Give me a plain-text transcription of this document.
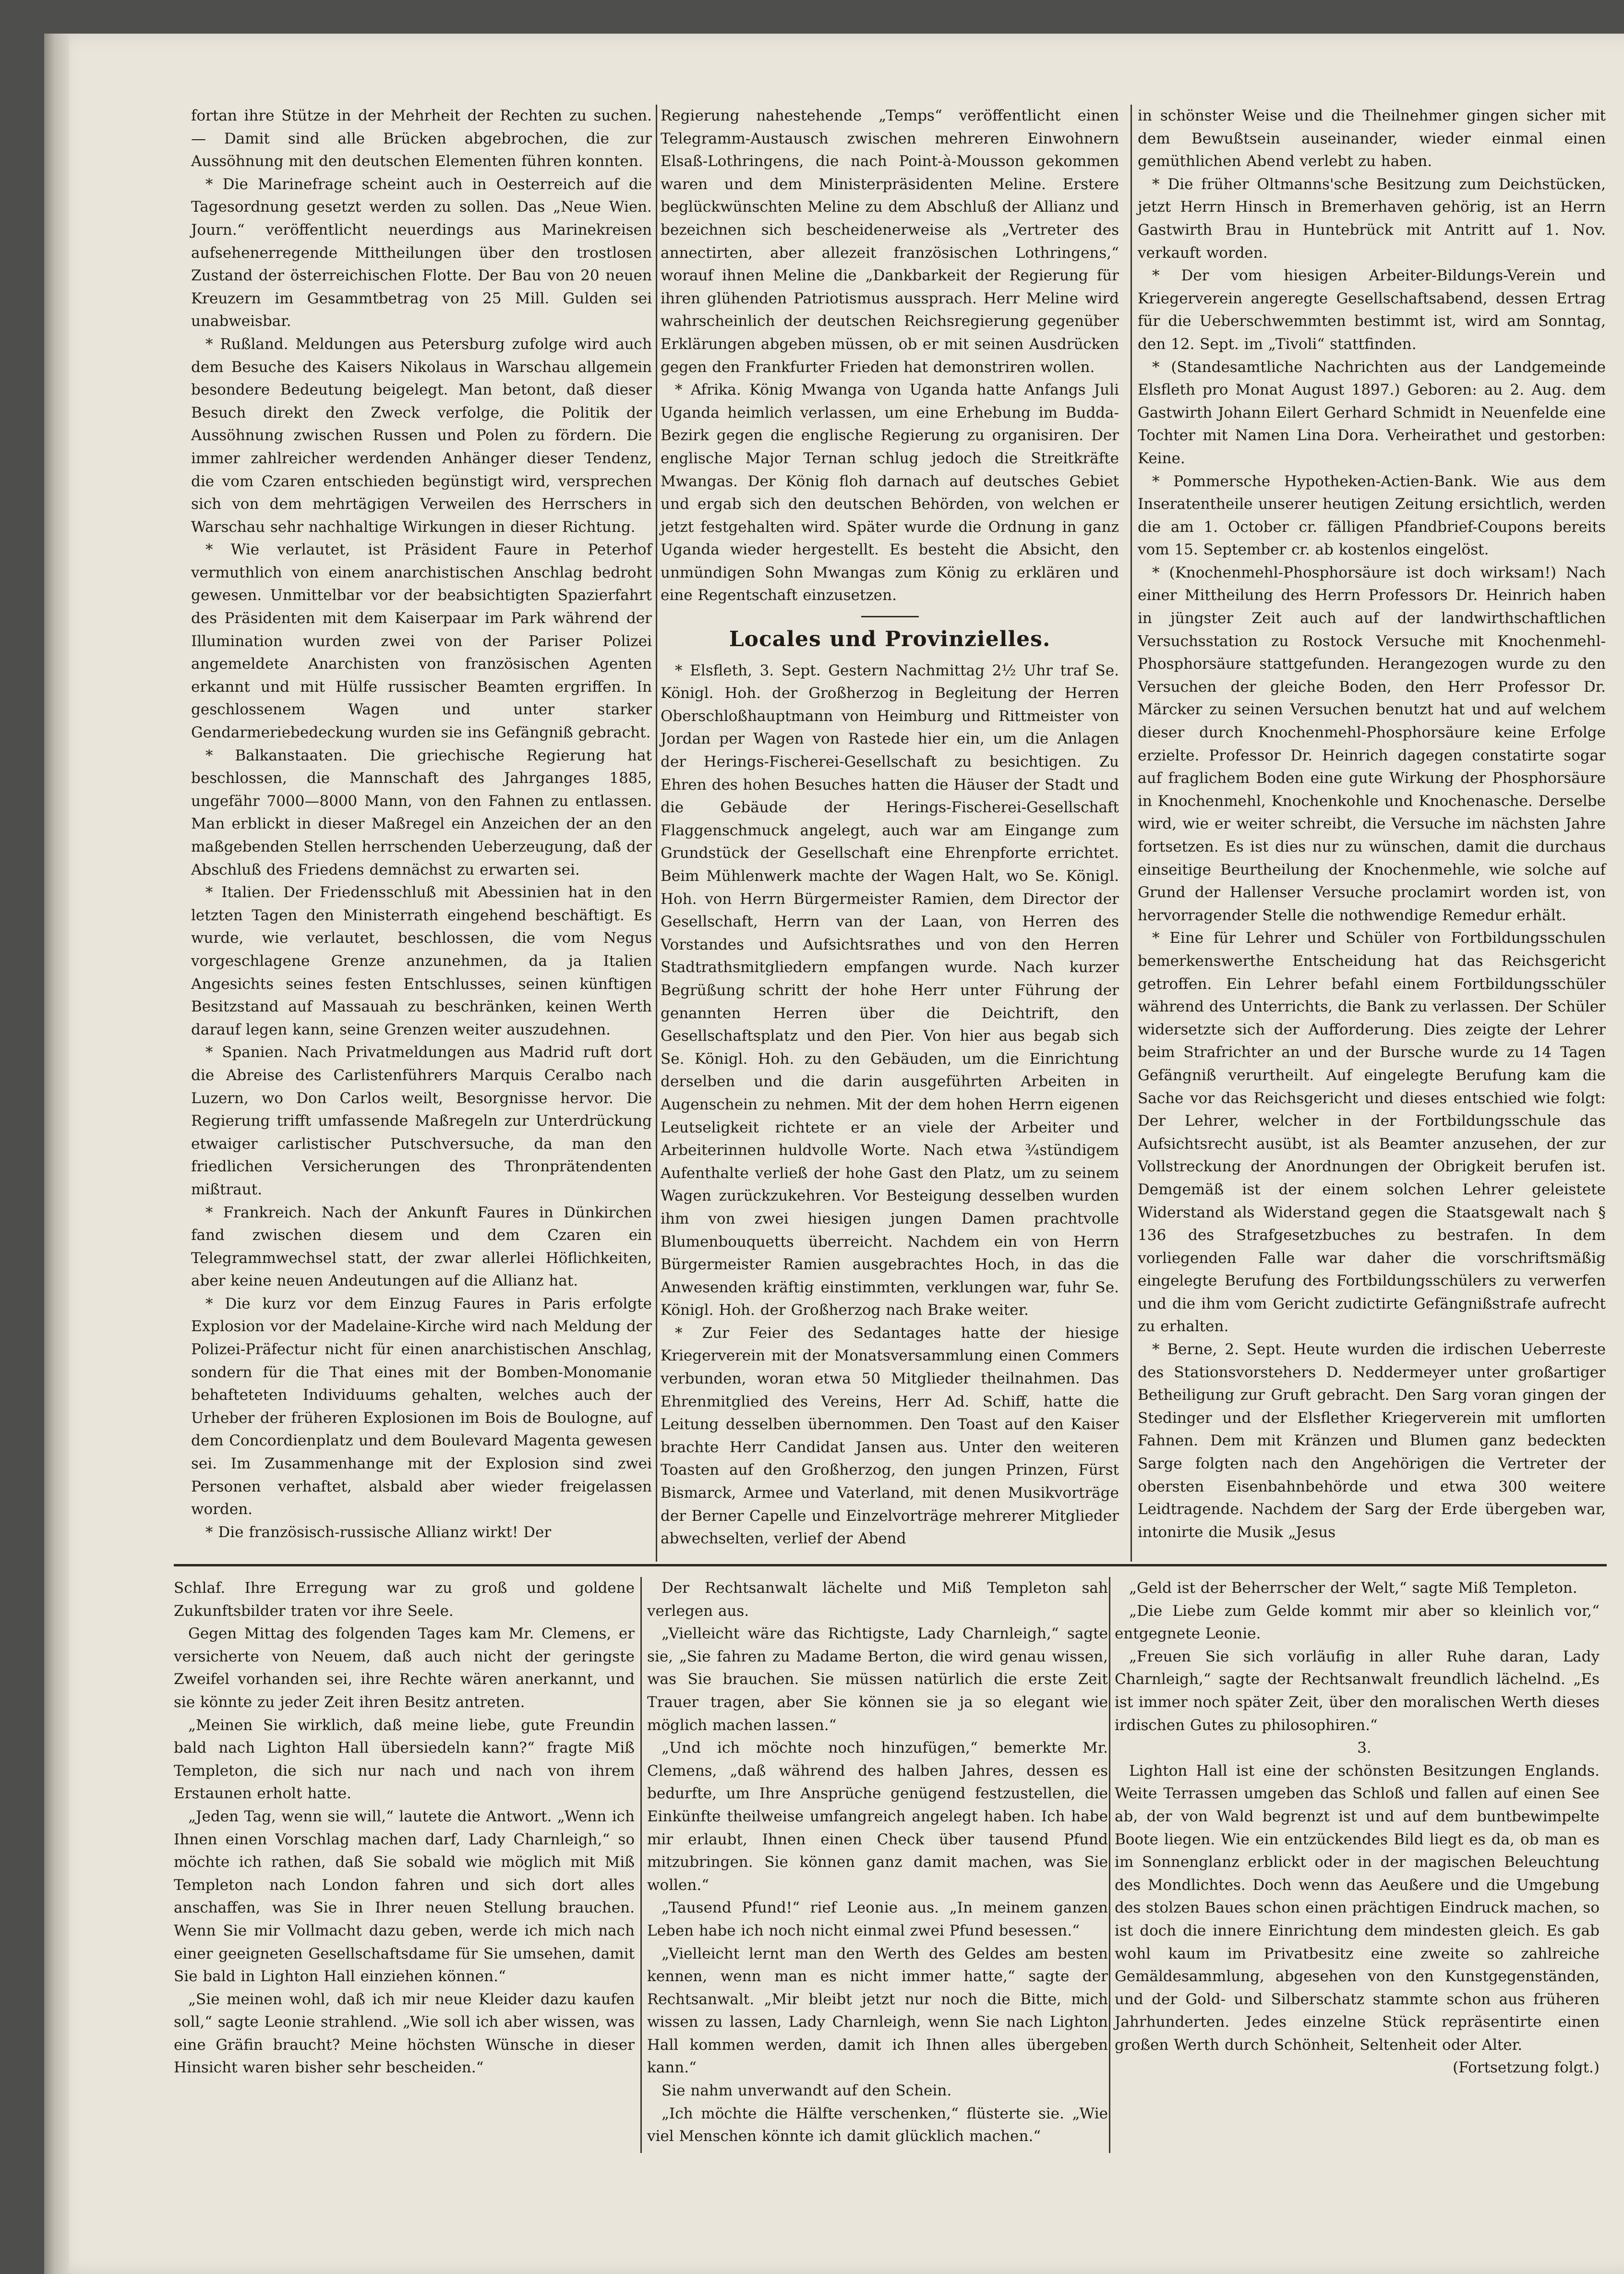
fortan ihre Stütze in der Mehrheit der Rechten zu suchen. — Damit sind alle Brücken abgebrochen, die zur Aussöhnung mit den deutschen Elementen führen konnten.

* Die Marinefrage scheint auch in Oesterreich auf die Tagesordnung gesetzt werden zu sollen. Das „Neue Wien. Journ.“ veröffentlicht neuerdings aus Marinekreisen aufsehenerregende Mittheilungen über den trostlosen Zustand der österreichischen Flotte. Der Bau von 20 neuen Kreuzern im Gesammtbetrag von 25 Mill. Gulden sei unabweisbar.

* Rußland. Meldungen aus Petersburg zufolge wird auch dem Besuche des Kaisers Nikolaus in Warschau allgemein besondere Bedeutung beigelegt. Man betont, daß dieser Besuch direkt den Zweck verfolge, die Politik der Aussöhnung zwischen Russen und Polen zu fördern. Die immer zahlreicher werdenden Anhänger dieser Tendenz, die vom Czaren entschieden begünstigt wird, versprechen sich von dem mehrtägigen Verweilen des Herrschers in Warschau sehr nachhaltige Wirkungen in dieser Richtung.

* Wie verlautet, ist Präsident Faure in Peterhof vermuthlich von einem anarchistischen Anschlag bedroht gewesen. Unmittelbar vor der beabsichtigten Spazierfahrt des Präsidenten mit dem Kaiserpaar im Park während der Illumination wurden zwei von der Pariser Polizei angemeldete Anarchisten von französischen Agenten erkannt und mit Hülfe russischer Beamten ergriffen. In geschlossenem Wagen und unter starker Gendarmeriebedeckung wurden sie ins Gefängniß gebracht.

* Balkanstaaten. Die griechische Regierung hat beschlossen, die Mannschaft des Jahrganges 1885, ungefähr 7000—8000 Mann, von den Fahnen zu entlassen. Man erblickt in dieser Maßregel ein Anzeichen der an den maßgebenden Stellen herrschenden Ueberzeugung, daß der Abschluß des Friedens demnächst zu erwarten sei.

* Italien. Der Friedensschluß mit Abessinien hat in den letzten Tagen den Ministerrath eingehend beschäftigt. Es wurde, wie verlautet, beschlossen, die vom Negus vorgeschlagene Grenze anzunehmen, da ja Italien Angesichts seines festen Entschlusses, seinen künftigen Besitzstand auf Massauah zu beschränken, keinen Werth darauf legen kann, seine Grenzen weiter auszudehnen.

* Spanien. Nach Privatmeldungen aus Madrid ruft dort die Abreise des Carlistenführers Marquis Ceralbo nach Luzern, wo Don Carlos weilt, Besorgnisse hervor. Die Regierung trifft umfassende Maßregeln zur Unterdrückung etwaiger carlistischer Putschversuche, da man den friedlichen Versicherungen des Thronprätendenten mißtraut.

* Frankreich. Nach der Ankunft Faures in Dünkirchen fand zwischen diesem und dem Czaren ein Telegrammwechsel statt, der zwar allerlei Höflichkeiten, aber keine neuen Andeutungen auf die Allianz hat.

* Die kurz vor dem Einzug Faures in Paris erfolgte Explosion vor der Madelaine-Kirche wird nach Meldung der Polizei-Präfectur nicht für einen anarchistischen Anschlag, sondern für die That eines mit der Bomben-Monomanie behafteteten Individuums gehalten, welches auch der Urheber der früheren Explosionen im Bois de Boulogne, auf dem Concordienplatz und dem Boulevard Magenta gewesen sei. Im Zusammenhange mit der Explosion sind zwei Personen verhaftet, alsbald aber wieder freigelassen worden.

* Die französisch-russische Allianz wirkt! Der

Regierung nahestehende „Temps“ veröffentlicht einen Telegramm-Austausch zwischen mehreren Einwohnern Elsaß-Lothringens, die nach Point-à-Mousson gekommen waren und dem Ministerpräsidenten Meline. Erstere beglückwünschten Meline zu dem Abschluß der Allianz und bezeichnen sich bescheidenerweise als „Vertreter des annectirten, aber allezeit französischen Lothringens,“ worauf ihnen Meline die „Dankbarkeit der Regierung für ihren glühenden Patriotismus aussprach. Herr Meline wird wahrscheinlich der deutschen Reichsregierung gegenüber Erklärungen abgeben müssen, ob er mit seinen Ausdrücken gegen den Frankfurter Frieden hat demonstriren wollen.

* Afrika. König Mwanga von Uganda hatte Anfangs Juli Uganda heimlich verlassen, um eine Erhebung im Budda-Bezirk gegen die englische Regierung zu organisiren. Der englische Major Ternan schlug jedoch die Streitkräfte Mwangas. Der König floh darnach auf deutsches Gebiet und ergab sich den deutschen Behörden, von welchen er jetzt festgehalten wird. Später wurde die Ordnung in ganz Uganda wieder hergestellt. Es besteht die Absicht, den unmündigen Sohn Mwangas zum König zu erklären und eine Regentschaft einzusetzen.

Locales und Provinzielles.

* Elsfleth, 3. Sept. Gestern Nachmittag 2½ Uhr traf Se. Königl. Hoh. der Großherzog in Begleitung der Herren Oberschloßhauptmann von Heimburg und Rittmeister von Jordan per Wagen von Rastede hier ein, um die Anlagen der Herings-Fischerei-Gesellschaft zu besichtigen. Zu Ehren des hohen Besuches hatten die Häuser der Stadt und die Gebäude der Herings-Fischerei-Gesellschaft Flaggenschmuck angelegt, auch war am Eingange zum Grundstück der Gesellschaft eine Ehrenpforte errichtet. Beim Mühlenwerk machte der Wagen Halt, wo Se. Königl. Hoh. von Herrn Bürgermeister Ramien, dem Director der Gesellschaft, Herrn van der Laan, von Herren des Vorstandes und Aufsichtsrathes und von den Herren Stadtrathsmitgliedern empfangen wurde. Nach kurzer Begrüßung schritt der hohe Herr unter Führung der genannten Herren über die Deichtrift, den Gesellschaftsplatz und den Pier. Von hier aus begab sich Se. Königl. Hoh. zu den Gebäuden, um die Einrichtung derselben und die darin ausgeführten Arbeiten in Augenschein zu nehmen. Mit der dem hohen Herrn eigenen Leutseligkeit richtete er an viele der Arbeiter und Arbeiterinnen huldvolle Worte. Nach etwa ¾stündigem Aufenthalte verließ der hohe Gast den Platz, um zu seinem Wagen zurückzukehren. Vor Besteigung desselben wurden ihm von zwei hiesigen jungen Damen prachtvolle Blumenbouquetts überreicht. Nachdem ein von Herrn Bürgermeister Ramien ausgebrachtes Hoch, in das die Anwesenden kräftig einstimmten, verklungen war, fuhr Se. Königl. Hoh. der Großherzog nach Brake weiter.

* Zur Feier des Sedantages hatte der hiesige Kriegerverein mit der Monatsversammlung einen Commers verbunden, woran etwa 50 Mitglieder theilnahmen. Das Ehrenmitglied des Vereins, Herr Ad. Schiff, hatte die Leitung desselben übernommen. Den Toast auf den Kaiser brachte Herr Candidat Jansen aus. Unter den weiteren Toasten auf den Großherzog, den jungen Prinzen, Fürst Bismarck, Armee und Vaterland, mit denen Musikvorträge der Berner Capelle und Einzelvorträge mehrerer Mitglieder abwechselten, verlief der Abend

in schönster Weise und die Theilnehmer gingen sicher mit dem Bewußtsein auseinander, wieder einmal einen gemüthlichen Abend verlebt zu haben.

* Die früher Oltmanns'sche Besitzung zum Deichstücken, jetzt Herrn Hinsch in Bremerhaven gehörig, ist an Herrn Gastwirth Brau in Huntebrück mit Antritt auf 1. Nov. verkauft worden.

* Der vom hiesigen Arbeiter-Bildungs-Verein und Kriegerverein angeregte Gesellschaftsabend, dessen Ertrag für die Ueberschwemmten bestimmt ist, wird am Sonntag, den 12. Sept. im „Tivoli“ stattfinden.

* (Standesamtliche Nachrichten aus der Landgemeinde Elsfleth pro Monat August 1897.) Geboren: au 2. Aug. dem Gastwirth Johann Eilert Gerhard Schmidt in Neuenfelde eine Tochter mit Namen Lina Dora. Verheirathet und gestorben: Keine.

* Pommersche Hypotheken-Actien-Bank. Wie aus dem Inseratentheile unserer heutigen Zeitung ersichtlich, werden die am 1. October cr. fälligen Pfandbrief-Coupons bereits vom 15. September cr. ab kostenlos eingelöst.

* (Knochenmehl-Phosphorsäure ist doch wirksam!) Nach einer Mittheilung des Herrn Professors Dr. Heinrich haben in jüngster Zeit auch auf der landwirthschaftlichen Versuchsstation zu Rostock Versuche mit Knochenmehl-Phosphorsäure stattgefunden. Herangezogen wurde zu den Versuchen der gleiche Boden, den Herr Professor Dr. Märcker zu seinen Versuchen benutzt hat und auf welchem dieser durch Knochenmehl-Phosphorsäure keine Erfolge erzielte. Professor Dr. Heinrich dagegen constatirte sogar auf fraglichem Boden eine gute Wirkung der Phosphorsäure in Knochenmehl, Knochenkohle und Knochenasche. Derselbe wird, wie er weiter schreibt, die Versuche im nächsten Jahre fortsetzen. Es ist dies nur zu wünschen, damit die durchaus einseitige Beurtheilung der Knochenmehle, wie solche auf Grund der Hallenser Versuche proclamirt worden ist, von hervorragender Stelle die nothwendige Remedur erhält.

* Eine für Lehrer und Schüler von Fortbildungsschulen bemerkenswerthe Entscheidung hat das Reichsgericht getroffen. Ein Lehrer befahl einem Fortbildungsschüler während des Unterrichts, die Bank zu verlassen. Der Schüler widersetzte sich der Aufforderung. Dies zeigte der Lehrer beim Strafrichter an und der Bursche wurde zu 14 Tagen Gefängniß verurtheilt. Auf eingelegte Berufung kam die Sache vor das Reichsgericht und dieses entschied wie folgt: Der Lehrer, welcher in der Fortbildungsschule das Aufsichtsrecht ausübt, ist als Beamter anzusehen, der zur Vollstreckung der Anordnungen der Obrigkeit berufen ist. Demgemäß ist der einem solchen Lehrer geleistete Widerstand als Widerstand gegen die Staatsgewalt nach § 136 des Strafgesetzbuches zu bestrafen. In dem vorliegenden Falle war daher die vorschriftsmäßig eingelegte Berufung des Fortbildungsschülers zu verwerfen und die ihm vom Gericht zudictirte Gefängnißstrafe aufrecht zu erhalten.

* Berne, 2. Sept. Heute wurden die irdischen Ueberreste des Stationsvorstehers D. Neddermeyer unter großartiger Betheiligung zur Gruft gebracht. Den Sarg voran gingen der Stedinger und der Elsflether Kriegerverein mit umflorten Fahnen. Dem mit Kränzen und Blumen ganz bedeckten Sarge folgten nach den Angehörigen die Vertreter der obersten Eisenbahnbehörde und etwa 300 weitere Leidtragende. Nachdem der Sarg der Erde übergeben war, intonirte die Musik „Jesus

Schlaf. Ihre Erregung war zu groß und goldene Zukunftsbilder traten vor ihre Seele.

Gegen Mittag des folgenden Tages kam Mr. Clemens, er versicherte von Neuem, daß auch nicht der geringste Zweifel vorhanden sei, ihre Rechte wären anerkannt, und sie könnte zu jeder Zeit ihren Besitz antreten.

„Meinen Sie wirklich, daß meine liebe, gute Freundin bald nach Lighton Hall übersiedeln kann?“ fragte Miß Templeton, die sich nur nach und nach von ihrem Erstaunen erholt hatte.

„Jeden Tag, wenn sie will,“ lautete die Antwort. „Wenn ich Ihnen einen Vorschlag machen darf, Lady Charnleigh,“ so möchte ich rathen, daß Sie sobald wie möglich mit Miß Templeton nach London fahren und sich dort alles anschaffen, was Sie in Ihrer neuen Stellung brauchen. Wenn Sie mir Vollmacht dazu geben, werde ich mich nach einer geeigneten Gesellschaftsdame für Sie umsehen, damit Sie bald in Lighton Hall einziehen können.“

„Sie meinen wohl, daß ich mir neue Kleider dazu kaufen soll,“ sagte Leonie strahlend. „Wie soll ich aber wissen, was eine Gräfin braucht? Meine höchsten Wünsche in dieser Hinsicht waren bisher sehr bescheiden.“

Der Rechtsanwalt lächelte und Miß Templeton sah verlegen aus.

„Vielleicht wäre das Richtigste, Lady Charnleigh,“ sagte sie, „Sie fahren zu Madame Berton, die wird genau wissen, was Sie brauchen. Sie müssen natürlich die erste Zeit Trauer tragen, aber Sie können sie ja so elegant wie möglich machen lassen.“

„Und ich möchte noch hinzufügen,“ bemerkte Mr. Clemens, „daß während des halben Jahres, dessen es bedurfte, um Ihre Ansprüche genügend festzustellen, die Einkünfte theilweise umfangreich angelegt haben. Ich habe mir erlaubt, Ihnen einen Check über tausend Pfund mitzubringen. Sie können ganz damit machen, was Sie wollen.“

„Tausend Pfund!“ rief Leonie aus. „In meinem ganzen Leben habe ich noch nicht einmal zwei Pfund besessen.“

„Vielleicht lernt man den Werth des Geldes am besten kennen, wenn man es nicht immer hatte,“ sagte der Rechtsanwalt. „Mir bleibt jetzt nur noch die Bitte, mich wissen zu lassen, Lady Charnleigh, wenn Sie nach Lighton Hall kommen werden, damit ich Ihnen alles übergeben kann.“

Sie nahm unverwandt auf den Schein.

„Ich möchte die Hälfte verschenken,“ flüsterte sie. „Wie viel Menschen könnte ich damit glücklich machen.“

„Geld ist der Beherrscher der Welt,“ sagte Miß Templeton.

„Die Liebe zum Gelde kommt mir aber so kleinlich vor,“ entgegnete Leonie.

„Freuen Sie sich vorläufig in aller Ruhe daran, Lady Charnleigh,“ sagte der Rechtsanwalt freundlich lächelnd. „Es ist immer noch später Zeit, über den moralischen Werth dieses irdischen Gutes zu philosophiren.“

3.

Lighton Hall ist eine der schönsten Besitzungen Englands. Weite Terrassen umgeben das Schloß und fallen auf einen See ab, der von Wald begrenzt ist und auf dem buntbewimpelte Boote liegen. Wie ein entzückendes Bild liegt es da, ob man es im Sonnenglanz erblickt oder in der magischen Beleuchtung des Mondlichtes. Doch wenn das Aeußere und die Umgebung des stolzen Baues schon einen prächtigen Eindruck machen, so ist doch die innere Einrichtung dem mindesten gleich. Es gab wohl kaum im Privatbesitz eine zweite so zahlreiche Gemäldesammlung, abgesehen von den Kunstgegenständen, und der Gold- und Silberschatz stammte schon aus früheren Jahrhunderten. Jedes einzelne Stück repräsentirte einen großen Werth durch Schönheit, Seltenheit oder Alter.

(Fortsetzung folgt.)
